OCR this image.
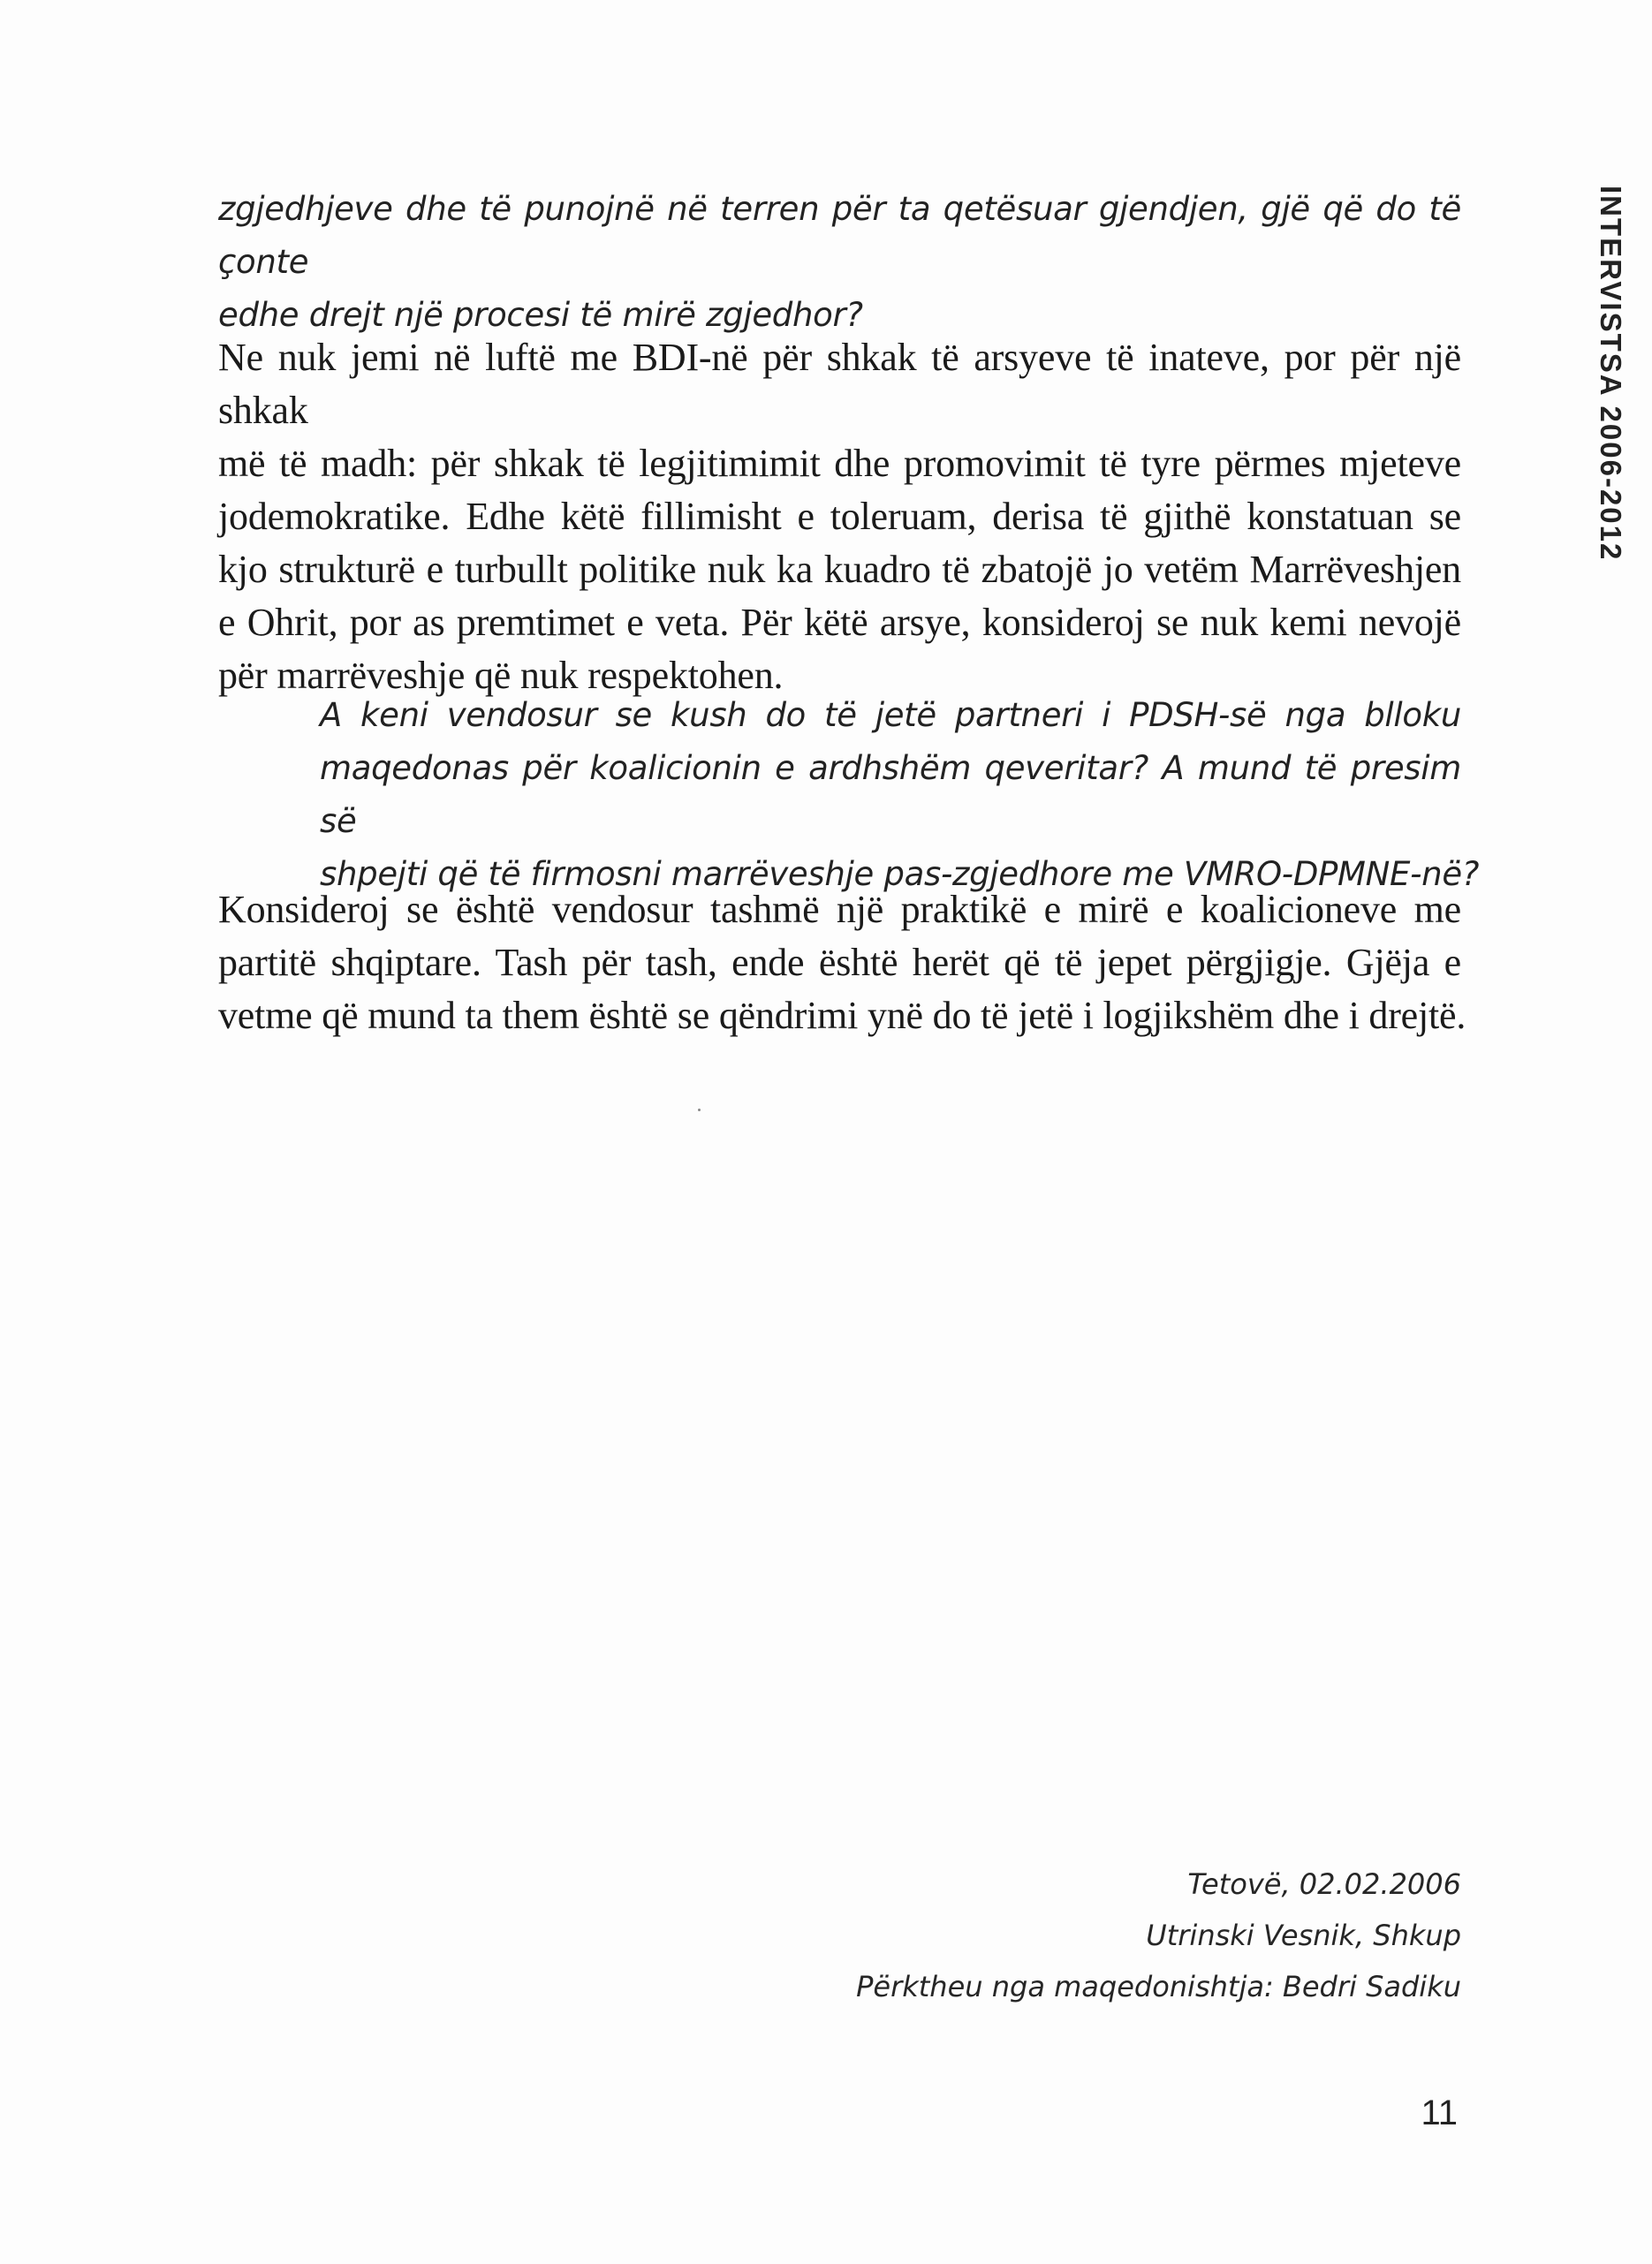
INTERVISTSA 2006-2012
zgjedhjeve dhe të punojnë në terren për ta qetësuar gjendjen, gjë që do të çonte
edhe drejt një procesi të mirë zgjedhor?
Ne nuk jemi në luftë me BDI-në për shkak të arsyeve të inateve, por për një shkak
më të madh: për shkak të legjitimimit dhe promovimit të tyre përmes mjeteve
jodemokratike. Edhe këtë fillimisht e toleruam, derisa të gjithë konstatuan se
kjo strukturë e turbullt politike nuk ka kuadro të zbatojë jo vetëm Marrëveshjen
e Ohrit, por as premtimet e veta. Për këtë arsye, konsideroj se nuk kemi nevojë
për marrëveshje që nuk respektohen.
A keni vendosur se kush do të jetë partneri i PDSH-së nga blloku
maqedonas për koalicionin e ardhshëm qeveritar? A mund të presim së
shpejti që të firmosni marrëveshje pas-zgjedhore me VMRO-DPMNE-në?
Konsideroj se është vendosur tashmë një praktikë e mirë e koalicioneve me
partitë shqiptare. Tash për tash, ende është herët që të jepet përgjigje. Gjëja e
vetme që mund ta them është se qëndrimi ynë do të jetë i logjikshëm dhe i drejtë.
Tetovë, 02.02.2006
Utrinski Vesnik, Shkup
Përktheu nga maqedonishtja: Bedri Sadiku
11
